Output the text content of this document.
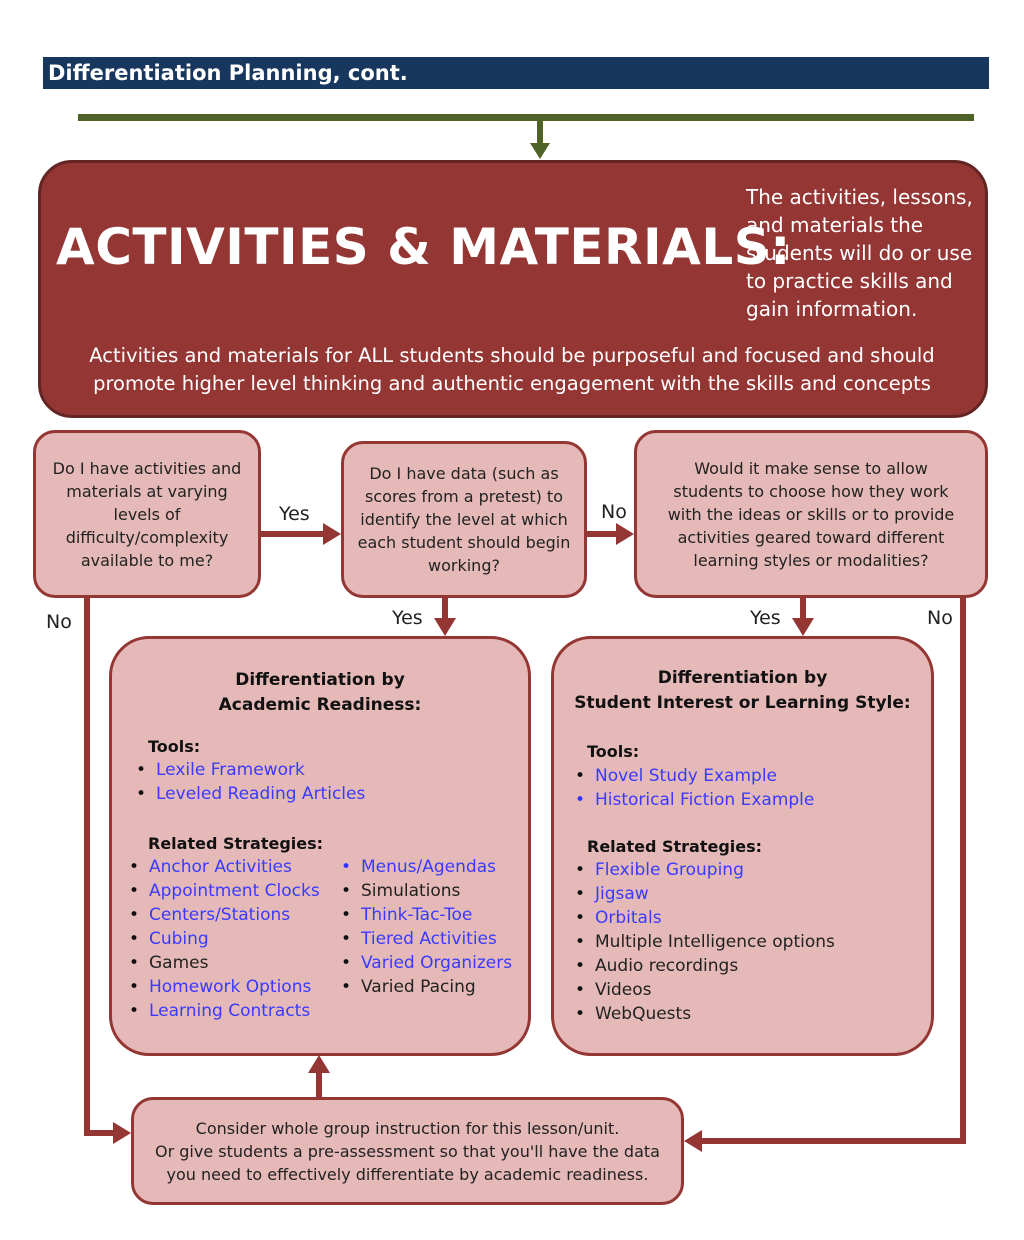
Differentiation Planning, cont.
ACTIVITIES & MATERIALS:
The activities, lessons, and materials the students will do or use to practice skills and gain information.
Activities and materials for ALL students should be purposeful and focused and should promote higher level thinking and authentic engagement with the skills and concepts
Do I have activities and materials at varying levels of difficulty/complexity available to me?
Do I have data (such as scores from a pretest) to identify the level at which each student should begin working?
Would it make sense to allow students to choose how they work with the ideas or skills or to provide activities geared toward different learning styles or modalities?
Yes	No
Yes	Yes
No	No
Differentiation by
Academic Readiness:
Tools:
• Lexile Framework
• Leveled Reading Articles
Related Strategies:
• Anchor Activities
• Appointment Clocks
• Centers/Stations
• Cubing
• Games
• Homework Options
• Learning Contracts
• Menus/Agendas
• Simulations
• Think-Tac-Toe
• Tiered Activities
• Varied Organizers
• Varied Pacing
Differentiation by
Student Interest or Learning Style:
Tools:
• Novel Study Example
• Historical Fiction Example
Related Strategies:
• Flexible Grouping
• Jigsaw
• Orbitals
• Multiple Intelligence options
• Audio recordings
• Videos
• WebQuests
Consider whole group instruction for this lesson/unit.
Or give students a pre-assessment so that you'll have the data
you need to effectively differentiate by academic readiness.
